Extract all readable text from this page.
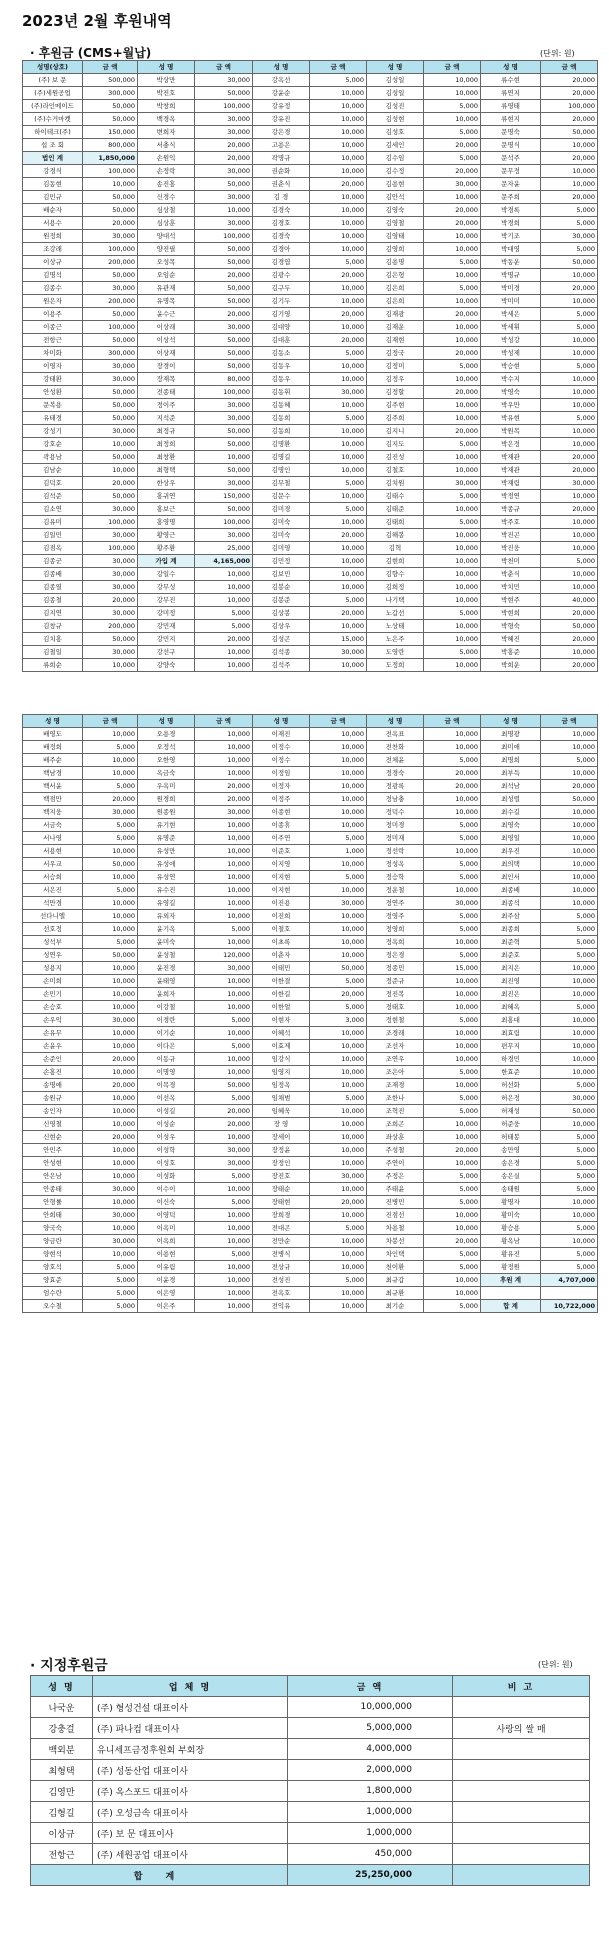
2023년 2월 후원내역
· 후원금 (CMS+월납)	(단위: 원)
성명(상호)	금 액	성 명	금 액	성 명	금 액	성 명	금 액	성 명	금 액
(주) 보 문	500,000	박상만	30,000	강옥선	5,000	김성일	10,000	류수현	20,000
(주)세원공업	300,000	박진호	50,000	강윤순	10,000	김성일	10,000	류연지	20,000
(주)라인메이드	50,000	박창희	100,000	강유정	10,000	김성진	5,000	류영태	100,000
(주)수거마켓	50,000	백경옥	30,000	강유진	10,000	김성현	10,000	류현지	20,000
하이테크(주)	150,000	변희자	30,000	강은경	10,000	김성호	5,000	문명숙	50,000
섭 조 회	800,000	서충식	20,000	고용은	10,000	김세인	20,000	문명식	10,000
법인 계	1,850,000	손원익	20,000	곽명규	10,000	김수임	5,000	문석주	20,000
강경식	100,000	손정락	30,000	권순화	10,000	김수정	20,000	문무정	10,000
김동현	10,000	송진홍	50,000	권춘식	20,000	김용현	30,000	문자윤	10,000
김민규	50,000	신경수	30,000	김 경	10,000	김안석	10,000	문주희	20,000
배순자	50,000	심상철	10,000	김경숙	10,000	김영숙	20,000	박경록	5,000
서용수	20,000	심상훈	30,000	김경호	10,000	김영철	20,000	박경희	5,000
원정희	30,000	양대석	100,000	김경숙	10,000	김영태	10,000	박기조	30,000
조강래	100,000	양진필	50,000	김경아	10,000	김영희	10,000	박대영	5,000
이상규	200,000	오성목	50,000	김경엽	5,000	김용명	5,000	박동운	50,000
김명석	50,000	오임순	20,000	김광수	20,000	김은형	10,000	박명규	10,000
김종수	30,000	유관재	50,000	김구두	10,000	김은희	5,000	박미경	20,000
원은자	200,000	유명목	50,000	김기두	10,000	김은희	10,000	박미미	10,000
이용주	50,000	윤수근	20,000	김기영	20,000	김재광	20,000	박세은	5,000
이종근	100,000	이상래	30,000	김대양	10,000	김재운	10,000	박세휘	5,000
전항근	50,000	이상석	50,000	김대훈	20,000	김재현	10,000	박성강	10,000
차미화	300,000	이상재	50,000	김동소	5,000	김정국	20,000	박성제	10,000
이영자	30,000	장경이	50,000	김동우	10,000	김정미	5,000	박승현	5,000
강태환	30,000	장재목	80,000	김동우	10,000	김정우	10,000	박수지	10,000
안성환	50,000	전종태	100,000	김동휘	30,000	김정할	20,000	박영숙	10,000
문복용	50,000	정이주	30,000	김동혜	10,000	김주현	10,000	박우만	10,000
유태경	50,000	지석준	30,000	김동희	5,000	김주희	10,000	박유현	5,000
강성기	30,000	최정규	50,000	김동희	10,000	김지니	20,000	박원목	10,000
강호순	10,000	최정희	50,000	김명환	10,000	김지도	5,000	박은정	10,000
곽용남	50,000	최창환	10,000	김명길	10,000	김진성	10,000	박재관	20,000
김남순	10,000	최형택	50,000	김명인	10,000	김철호	10,000	박재관	20,000
김덕호	20,000	한상우	30,000	김무철	5,000	김치원	30,000	박재림	30,000
김석준	50,000	홍귀연	150,000	김문수	10,000	김태수	5,000	박정연	10,000
김소연	30,000	홍보근	50,000	김미경	5,000	김태준	10,000	박종규	20,000
김유미	100,000	홍영명	100,000	김미숙	10,000	김태희	5,000	박주호	10,000
김일민	30,000	황영근	30,000	김미숙	20,000	김해봉	10,000	박진곤	10,000
김점옥	100,000	황주환	25,000	김미영	10,000	김혁	10,000	박진웅	10,000
김종군	30,000	가입 계	4,165,000	김민정	10,000	김현희	10,000	박천미	5,000
김종배	30,000	강일수	10,000	김보민	10,000	김향수	10,000	박춘식	10,000
김종열	30,000	강무성	10,000	김봉순	10,000	김희정	10,000	박치민	10,000
김종철	20,000	강무진	10,000	김봉준	5,000	나기택	10,000	박현주	40,000
김지연	30,000	강미정	5,000	김상봉	20,000	노갑선	5,000	박현희	20,000
김창규	200,000	강민재	5,000	김상우	10,000	노상태	10,000	박형숙	50,000
김치홍	50,000	강민지	20,000	김성곤	15,000	노은주	10,000	박혜진	20,000
김철일	30,000	강선구	10,000	김석종	30,000	도영란	5,000	박홍준	10,000
류희순	10,000	강양숙	10,000	김석주	10,000	도정희	10,000	박희운	20,000
성 명	금 액	성 명	금 액	성 명	금 액	성 명	금 액	성 명	금 액
배영도	10,000	오용경	10,000	이재진	10,000	전옥표	10,000	최명광	10,000
배정희	5,000	오정석	10,000	이정수	10,000	전찬화	10,000	최미애	10,000
배주순	10,000	오한영	10,000	이정수	10,000	전체윤	5,000	최명희	5,000
백남경	10,000	옥금숙	10,000	이정임	10,000	정경숙	20,000	최부득	10,000
백서윤	5,000	우옥미	20,000	이정자	10,000	정광록	20,000	최석남	20,000
백점만	20,000	원경희	20,000	이정주	10,000	정남충	10,000	최성렬	50,000
백지웅	30,000	원종원	30,000	이종현	10,000	정덕수	10,000	최수길	10,000
서금숙	5,000	유기현	10,000	이종휴	10,000	정미경	5,000	최영숙	10,000
서나영	5,000	유명준	10,000	이주연	5,000	정미재	5,000	최영일	10,000
서용현	10,000	유성만	10,000	이준호	1,000	정선락	10,000	최우진	10,000
서우교	50,000	유성애	10,000	이지영	10,000	정성옥	5,000	최의택	10,000
서승희	10,000	유성연	10,000	이지현	5,000	정승학	5,000	최인서	10,000
서은진	5,000	유수진	10,000	이지현	10,000	정운철	10,000	최종배	10,000
석만경	10,000	유영길	10,000	이진용	30,000	정연주	30,000	최종석	10,000
선다니엘	10,000	유외자	10,000	이진희	10,000	정영주	5,000	최주삼	5,000
선호정	10,000	윤기옥	5,000	이철호	10,000	정영희	5,000	최종희	5,000
성석부	5,000	윤미숙	10,000	이초록	10,000	정옥희	10,000	최준혁	5,000
성연우	50,000	윤성철	120,000	이춘자	10,000	정은경	5,000	최준호	5,000
성용지	10,000	윤진경	30,000	이태민	50,000	정종민	15,000	최지은	10,000
손미희	10,000	윤태영	10,000	이한결	5,000	정준규	10,000	최진영	10,000
손민기	10,000	윤희자	10,000	이한길	20,000	정진복	10,000	최진은	10,000
손승호	10,000	이강철	10,000	이한얼	5,000	정태호	10,000	최혜옥	5,000
손우익	30,000	이경란	5,000	이현자	3,000	정현철	5,000	최홍대	10,000
손유무	10,000	이기순	10,000	이혜석	10,000	조경래	10,000	최효림	10,000
손윤우	10,000	이다은	5,000	이효제	10,000	조선자	10,000	편무지	10,000
손준인	20,000	이동규	10,000	임강식	10,000	조연우	10,000	하경민	10,000
손홍진	10,000	이명영	10,000	임영지	10,000	조은아	5,000	한효준	10,000
송명애	20,000	이목경	50,000	임정옥	10,000	조재경	10,000	허선화	5,000
송원규	10,000	이선옥	5,000	임채범	5,000	조한나	5,000	허은정	30,000
송인자	10,000	이성길	20,000	임혜욱	10,000	조혁진	5,000	허재성	50,000
신영철	10,000	이성순	20,000	장 영	10,000	조희곤	10,000	허준웅	10,000
신현순	20,000	이성우	10,000	장세이	10,000	좌상훈	10,000	허태봉	5,000
안민주	10,000	이성학	30,000	장정윤	10,000	주성철	20,000	송만영	5,000
안성현	10,000	이성호	30,000	장정인	10,000	주연이	10,000	송은경	5,000
안은남	10,000	이성화	5,000	장진호	30,000	주정은	5,000	송은실	5,000
안종태	30,000	이수이	10,000	장태순	10,000	주태윤	5,000	송태원	5,000
안형률	10,000	이신숙	5,000	장태현	20,000	진병민	5,000	황명자	10,000
안희태	30,000	이영덕	10,000	장희경	10,000	진점선	10,000	황미숙	10,000
양국숙	10,000	이옥미	10,000	전대곤	5,000	차용철	10,000	황승용	5,000
양금란	30,000	이옥희	10,000	전만순	10,000	차봉선	20,000	황옥남	10,000
양현석	10,000	이용현	5,000	전병식	10,000	차인택	5,000	황유진	5,000
양호석	5,000	이유림	10,000	전상규	10,000	천이환	5,000	황정원	5,000
양효준	5,000	이윤경	10,000	전성진	5,000	최규갑	10,000	후원 계	4,707,000
엄수란	5,000	이은영	10,000	전옥호	10,000	최규환	10,000		
오수철	5,000	이은주	10,000	전익유	10,000	최기순	5,000	합 계	10,722,000
· 지정후원금	(단위: 원)
성 명	업 체 명	금 액	비 고
나국운	(주) 형성건설 대표이사	10,000,000	
강충걸	(주) 파나컴 대표이사	5,000,000	사랑의 쌀 매
백외분	유니세프금정후원회 부회장	4,000,000	
최형택	(주) 성동산업 대표이사	2,000,000	
김영만	(주) 옥스포드 대표이사	1,800,000	
김형길	(주) 오성금속 대표이사	1,000,000	
이상규	(주) 보 문 대표이사	1,000,000	
전항근	(주) 세원공업 대표이사	450,000	
합 계		25,250,000	
